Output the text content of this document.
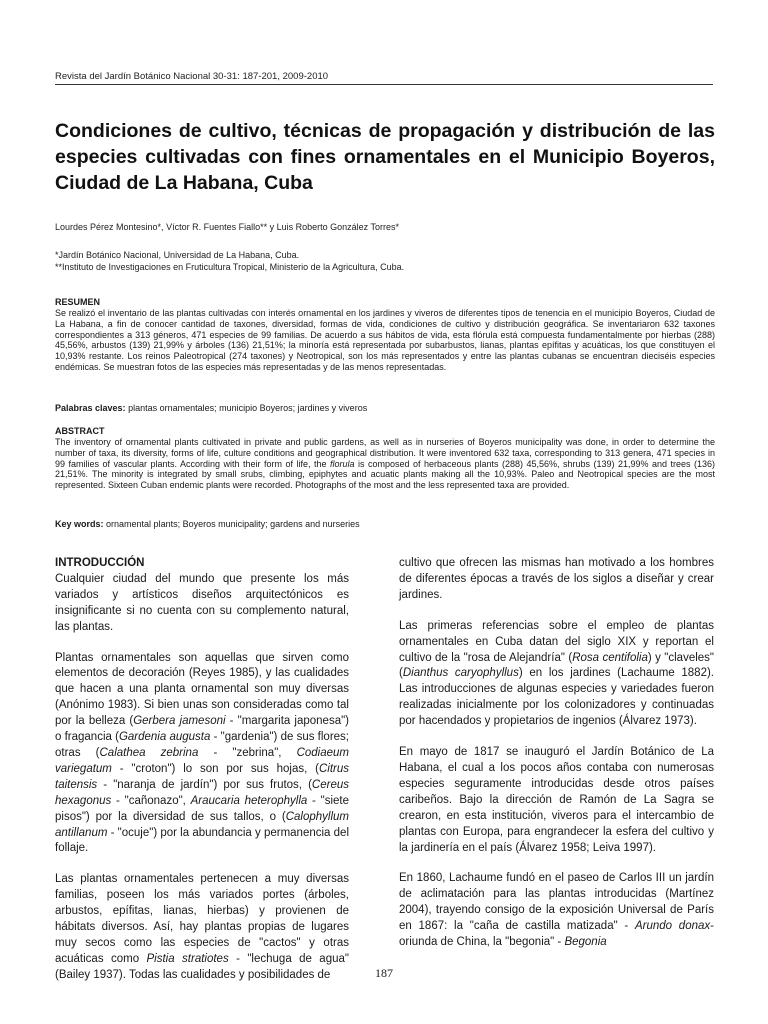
Revista del Jardín Botánico Nacional 30-31: 187-201, 2009-2010
Condiciones de cultivo, técnicas de propagación y distribución de las especies cultivadas con fines ornamentales en el Municipio Boyeros, Ciudad de La Habana, Cuba
Lourdes Pérez Montesino*, Víctor R. Fuentes Fiallo** y Luis Roberto González Torres*
*Jardín Botánico Nacional, Universidad de La Habana, Cuba.
**Instituto de Investigaciones en Fruticultura Tropical, Ministerio de la Agricultura, Cuba.
RESUMEN

Se realizó el inventario de las plantas cultivadas con interés ornamental en los jardines y viveros de diferentes tipos de tenencia en el municipio Boyeros, Ciudad de La Habana, a fin de conocer cantidad de taxones, diversidad, formas de vida, condiciones de cultivo y distribución geográfica. Se inventariaron 632 taxones correspondientes a 313 géneros, 471 especies de 99 familias. De acuerdo a sus hábitos de vida, esta flórula está compuesta fundamentalmente por hierbas (288) 45,56%, arbustos (139) 21,99% y árboles (136) 21,51%; la minoría está representada por subarbustos, lianas, plantas epífitas y acuáticas, los que constituyen el 10,93% restante. Los reinos Paleotropical (274 taxones) y Neotropical, son los más representados y entre las plantas cubanas se encuentran dieciséis especies endémicas. Se muestran fotos de las especies más representadas y de las menos representadas.

Palabras claves: plantas ornamentales; municipio Boyeros; jardines y viveros
ABSTRACT

The inventory of ornamental plants cultivated in private and public gardens, as well as in nurseries of Boyeros municipality was done, in order to determine the number of taxa, its diversity, forms of life, culture conditions and geographical distribution. It were inventored 632 taxa, corresponding to 313 genera, 471 species in 99 families of vascular plants. According with their form of life, the florula is composed of herbaceous plants (288) 45,56%, shrubs (139) 21,99% and trees (136) 21,51%. The minority is integrated by small srubs, climbing, epiphytes and acuatic plants making all the 10,93%. Paleo and Neotropical species are the most represented. Sixteen Cuban endemic plants were recorded. Photographs of the most and the less represented taxa are provided.

Key words: ornamental plants; Boyeros municipality; gardens and nurseries
INTRODUCCIÓN

Cualquier ciudad del mundo que presente los más variados y artísticos diseños arquitectónicos es insignificante si no cuenta con su complemento natural, las plantas.

Plantas ornamentales son aquellas que sirven como elementos de decoración (Reyes 1985), y las cualidades que hacen a una planta ornamental son muy diversas (Anónimo 1983). Si bien unas son consideradas como tal por la belleza (Gerbera jamesoni - "margarita japonesa") o fragancia (Gardenia augusta - "gardenia") de sus flores; otras (Calathea zebrina - "zebrina", Codiaeum variegatum - "croton") lo son por sus hojas, (Citrus taitensis - "naranja de jardín") por sus frutos, (Cereus hexagonus - "cañonazo", Araucaria heterophylla - "siete pisos") por la diversidad de sus tallos, o (Calophyllum antillanum - "ocuje") por la abundancia y permanencia del follaje.

Las plantas ornamentales pertenecen a muy diversas familias, poseen los más variados portes (árboles, arbustos, epífitas, lianas, hierbas) y provienen de hábitats diversos. Así, hay plantas propias de lugares muy secos como las especies de "cactos" y otras acuáticas como Pistia stratiotes - "lechuga de agua" (Bailey 1937). Todas las cualidades y posibilidades de

cultivo que ofrecen las mismas han motivado a los hombres de diferentes épocas a través de los siglos a diseñar y crear jardines.

Las primeras referencias sobre el empleo de plantas ornamentales en Cuba datan del siglo XIX y reportan el cultivo de la "rosa de Alejandría" (Rosa centifolia) y "claveles" (Dianthus caryophyllus) en los jardines (Lachaume 1882). Las introducciones de algunas especies y variedades fueron realizadas inicialmente por los colonizadores y continuadas por hacendados y propietarios de ingenios (Álvarez 1973).

En mayo de 1817 se inauguró el Jardín Botánico de La Habana, el cual a los pocos años contaba con numerosas especies seguramente introducidas desde otros países caribeños. Bajo la dirección de Ramón de La Sagra se crearon, en esta institución, viveros para el intercambio de plantas con Europa, para engrandecer la esfera del cultivo y la jardinería en el país (Álvarez 1958; Leiva 1997).

En 1860, Lachaume fundó en el paseo de Carlos III un jardín de aclimatación para las plantas introducidas (Martínez 2004), trayendo consigo de la exposición Universal de París en 1867: la "caña de castilla matizada" - Arundo donax-oriunda de China, la "begonia" - Begonia

187
